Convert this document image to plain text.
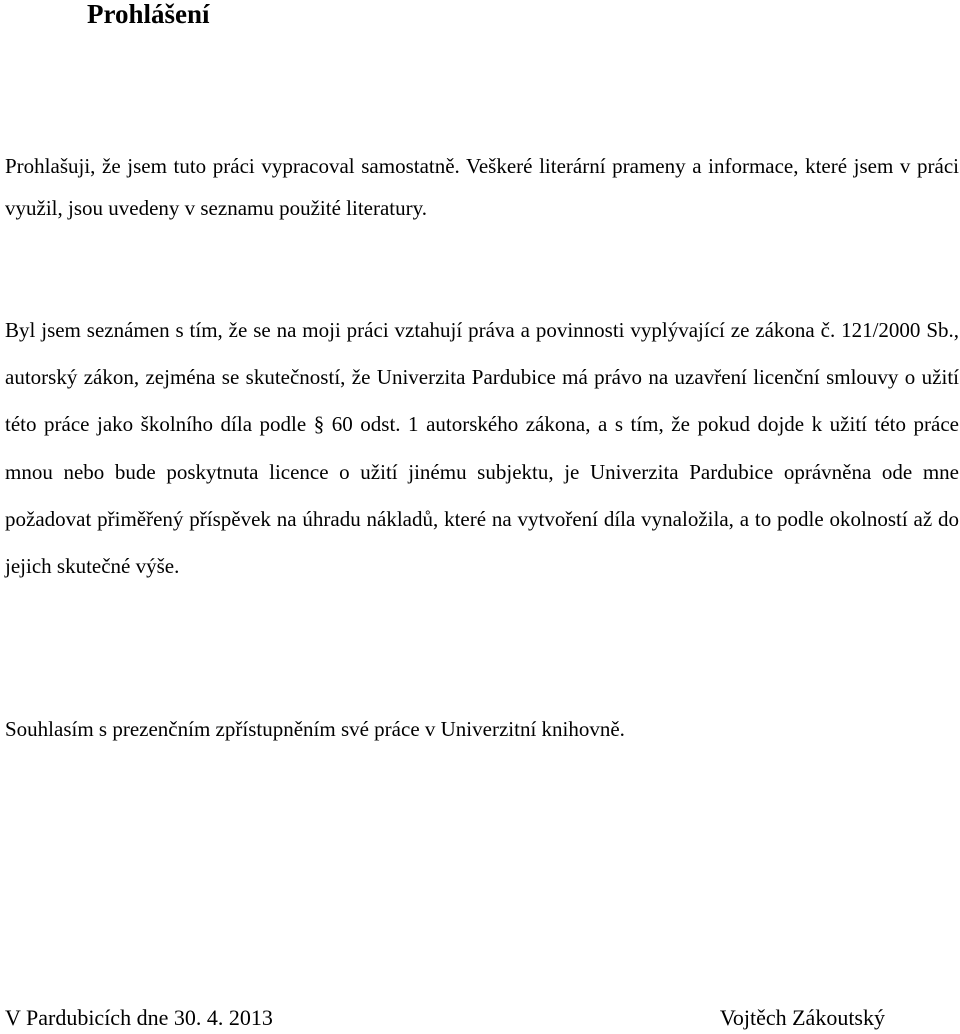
Prohlášení

Prohlašuji, že jsem tuto práci vypracoval samostatně. Veškeré literární prameny a informace, které jsem v práci využil, jsou uvedeny v seznamu použité literatury.

Byl jsem seznámen s tím, že se na moji práci vztahují práva a povinnosti vyplývající ze zákona č. 121/2000 Sb., autorský zákon, zejména se skutečností, že Univerzita Pardubice má právo na uzavření licenční smlouvy o užití této práce jako školního díla podle § 60 odst. 1 autorského zákona, a s tím, že pokud dojde k užití této práce mnou nebo bude poskytnuta licence o užití jinému subjektu, je Univerzita Pardubice oprávněna ode mne požadovat přiměřený příspěvek na úhradu nákladů, které na vytvoření díla vynaložila, a to podle okolností až do jejich skutečné výše.

Souhlasím s prezenčním zpřístupněním své práce v Univerzitní knihovně.

V Pardubicích dne 30. 4. 2013	Vojtěch Zákoutský
